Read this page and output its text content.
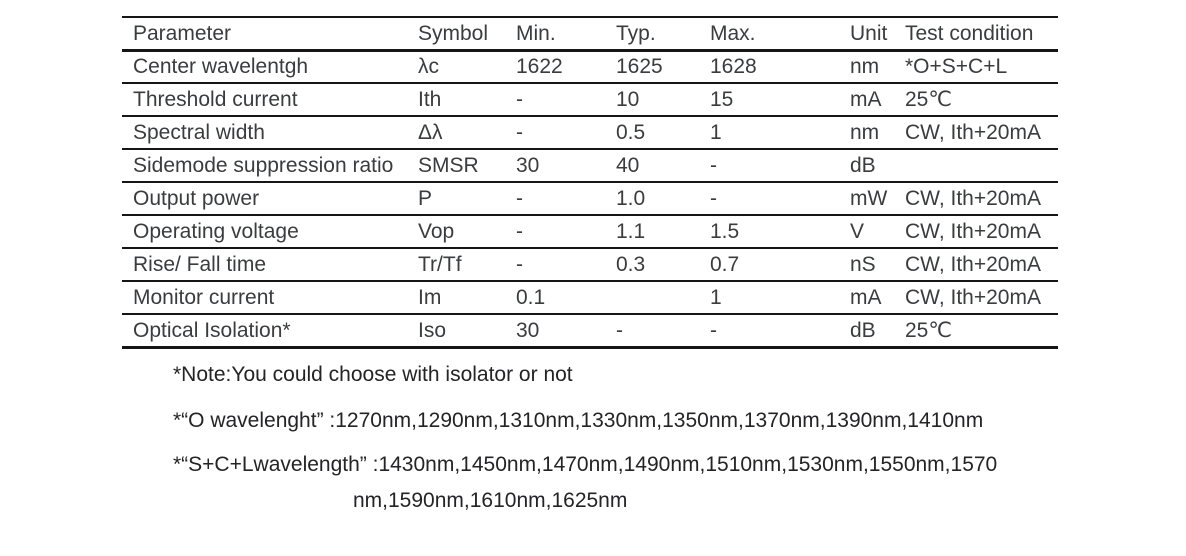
Parameter	Symbol	Min.	Typ.	Max.	Unit	Test condition
Center wavelentgh	λc	1622	1625	1628	nm	*O+S+C+L
Threshold current	Ith	-	10	15	mA	25℃
Spectral width	Δλ	-	0.5	1	nm	CW, Ith+20mA
Sidemode suppression ratio	SMSR	30	40	-	dB	
Output power	P	-	1.0	-	mW	CW, Ith+20mA
Operating voltage	Vop	-	1.1	1.5	V	CW, Ith+20mA
Rise/ Fall time	Tr/Tf	-	0.3	0.7	nS	CW, Ith+20mA
Monitor current	Im	0.1		1	mA	CW, Ith+20mA
Optical Isolation*	Iso	30	-	-	dB	25℃
*Note:You could choose with isolator or not
*“O wavelenght” :1270nm,1290nm,1310nm,1330nm,1350nm,1370nm,1390nm,1410nm
*“S+C+Lwavelength” :1430nm,1450nm,1470nm,1490nm,1510nm,1530nm,1550nm,1570
nm,1590nm,1610nm,1625nm
